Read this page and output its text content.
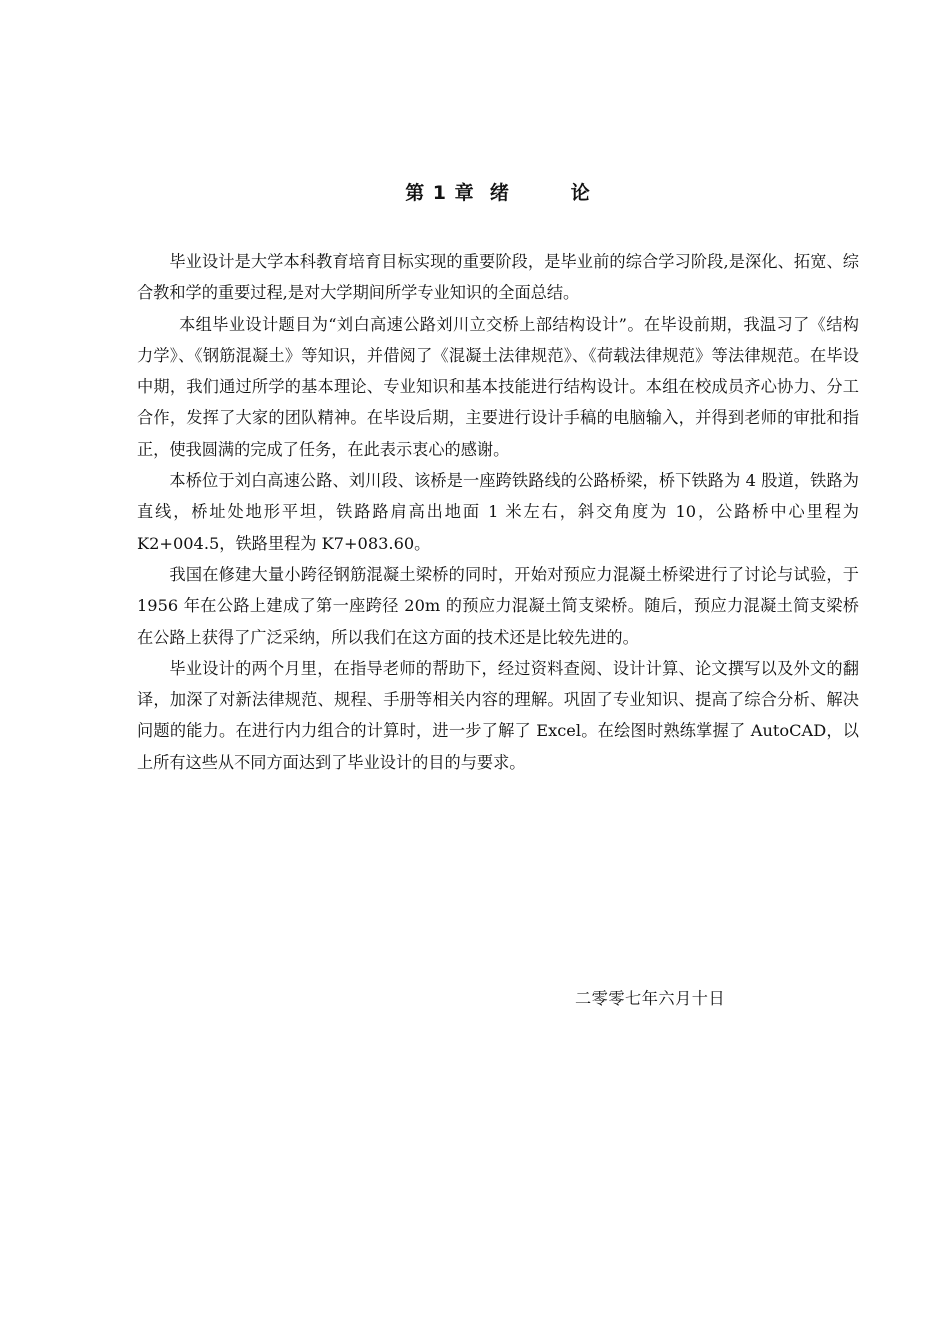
第 1 章  绪        论

毕业设计是大学本科教育培育目标实现的重要阶段，是毕业前的综合学习阶段,是深化、拓宽、综合教和学的重要过程,是对大学期间所学专业知识的全面总结。

本组毕业设计题目为“刘白高速公路刘川立交桥上部结构设计”。在毕设前期，我温习了《结构力学》、《钢筋混凝土》等知识，并借阅了《混凝土法律规范》、《荷载法律规范》等法律规范。在毕设中期，我们通过所学的基本理论、专业知识和基本技能进行结构设计。本组在校成员齐心协力、分工合作，发挥了大家的团队精神。在毕设后期，主要进行设计手稿的电脑输入，并得到老师的审批和指正，使我圆满的完成了任务，在此表示衷心的感谢。

本桥位于刘白高速公路、刘川段、该桥是一座跨铁路线的公路桥梁，桥下铁路为 4 股道，铁路为直线，桥址处地形平坦，铁路路肩高出地面 1 米左右，斜交角度为 10，公路桥中心里程为 K2+004.5，铁路里程为 K7+083.60。

我国在修建大量小跨径钢筋混凝土梁桥的同时，开始对预应力混凝土桥梁进行了讨论与试验，于 1956 年在公路上建成了第一座跨径 20m 的预应力混凝土简支梁桥。随后，预应力混凝土简支梁桥在公路上获得了广泛采纳，所以我们在这方面的技术还是比较先进的。

毕业设计的两个月里，在指导老师的帮助下，经过资料查阅、设计计算、论文撰写以及外文的翻译，加深了对新法律规范、规程、手册等相关内容的理解。巩固了专业知识、提高了综合分析、解决问题的能力。在进行内力组合的计算时，进一步了解了 Excel。在绘图时熟练掌握了 AutoCAD，以上所有这些从不同方面达到了毕业设计的目的与要求。

二零零七年六月十日
